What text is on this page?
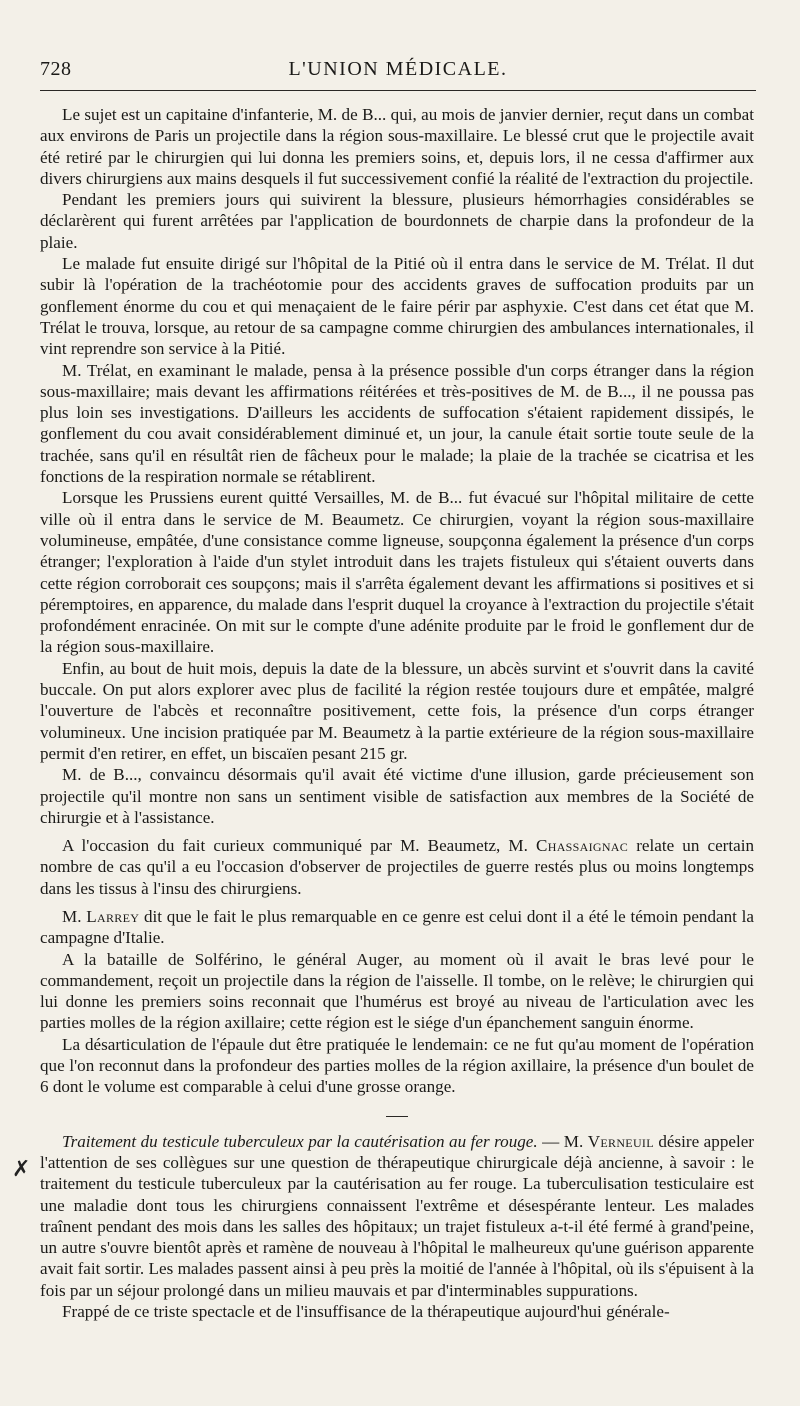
728	L'UNION MÉDICALE.
✗

Le sujet est un capitaine d'infanterie, M. de B... qui, au mois de janvier dernier, reçut dans un combat aux environs de Paris un projectile dans la région sous-maxillaire. Le blessé crut que le projectile avait été retiré par le chirurgien qui lui donna les premiers soins, et, depuis lors, il ne cessa d'affirmer aux divers chirurgiens aux mains desquels il fut successivement confié la réalité de l'extraction du projectile.

Pendant les premiers jours qui suivirent la blessure, plusieurs hémorrhagies considérables se déclarèrent qui furent arrêtées par l'application de bourdonnets de charpie dans la profondeur de la plaie.

Le malade fut ensuite dirigé sur l'hôpital de la Pitié où il entra dans le service de M. Trélat. Il dut subir là l'opération de la trachéotomie pour des accidents graves de suffocation produits par un gonflement énorme du cou et qui menaçaient de le faire périr par asphyxie. C'est dans cet état que M. Trélat le trouva, lorsque, au retour de sa campagne comme chirurgien des ambulances internationales, il vint reprendre son service à la Pitié.

M. Trélat, en examinant le malade, pensa à la présence possible d'un corps étranger dans la région sous-maxillaire; mais devant les affirmations réitérées et très-positives de M. de B..., il ne poussa pas plus loin ses investigations. D'ailleurs les accidents de suffocation s'étaient rapidement dissipés, le gonflement du cou avait considérablement diminué et, un jour, la canule était sortie toute seule de la trachée, sans qu'il en résultât rien de fâcheux pour le malade; la plaie de la trachée se cicatrisa et les fonctions de la respiration normale se rétablirent.

Lorsque les Prussiens eurent quitté Versailles, M. de B... fut évacué sur l'hôpital militaire de cette ville où il entra dans le service de M. Beaumetz. Ce chirurgien, voyant la région sous-maxillaire volumineuse, empâtée, d'une consistance comme ligneuse, soupçonna également la présence d'un corps étranger; l'exploration à l'aide d'un stylet introduit dans les trajets fistuleux qui s'étaient ouverts dans cette région corroborait ces soupçons; mais il s'arrêta également devant les affirmations si positives et si péremptoires, en apparence, du malade dans l'esprit duquel la croyance à l'extraction du projectile s'était profondément enracinée. On mit sur le compte d'une adénite produite par le froid le gonflement dur de la région sous-maxillaire.

Enfin, au bout de huit mois, depuis la date de la blessure, un abcès survint et s'ouvrit dans la cavité buccale. On put alors explorer avec plus de facilité la région restée toujours dure et empâtée, malgré l'ouverture de l'abcès et reconnaître positivement, cette fois, la présence d'un corps étranger volumineux. Une incision pratiquée par M. Beaumetz à la partie extérieure de la région sous-maxillaire permit d'en retirer, en effet, un biscaïen pesant 215 gr.

M. de B..., convaincu désormais qu'il avait été victime d'une illusion, garde précieusement son projectile qu'il montre non sans un sentiment visible de satisfaction aux membres de la Société de chirurgie et à l'assistance.

A l'occasion du fait curieux communiqué par M. Beaumetz, M. Chassaignac relate un certain nombre de cas qu'il a eu l'occasion d'observer de projectiles de guerre restés plus ou moins longtemps dans les tissus à l'insu des chirurgiens.

M. Larrey dit que le fait le plus remarquable en ce genre est celui dont il a été le témoin pendant la campagne d'Italie.

A la bataille de Solférino, le général Auger, au moment où il avait le bras levé pour le commandement, reçoit un projectile dans la région de l'aisselle. Il tombe, on le relève; le chirurgien qui lui donne les premiers soins reconnait que l'humérus est broyé au niveau de l'articulation avec les parties molles de la région axillaire; cette région est le siége d'un épanchement sanguin énorme.

La désarticulation de l'épaule dut être pratiquée le lendemain: ce ne fut qu'au moment de l'opération que l'on reconnut dans la profondeur des parties molles de la région axillaire, la présence d'un boulet de 6 dont le volume est comparable à celui d'une grosse orange.

Traitement du testicule tuberculeux par la cautérisation au fer rouge. — M. Verneuil désire appeler l'attention de ses collègues sur une question de thérapeutique chirurgicale déjà ancienne, à savoir : le traitement du testicule tuberculeux par la cautérisation au fer rouge. La tuberculisation testiculaire est une maladie dont tous les chirurgiens connaissent l'extrême et désespérante lenteur. Les malades traînent pendant des mois dans les salles des hôpitaux; un trajet fistuleux a-t-il été fermé à grand'peine, un autre s'ouvre bientôt après et ramène de nouveau à l'hôpital le malheureux qu'une guérison apparente avait fait sortir. Les malades passent ainsi à peu près la moitié de l'année à l'hôpital, où ils s'épuisent à la fois par un séjour prolongé dans un milieu mauvais et par d'interminables suppurations.

Frappé de ce triste spectacle et de l'insuffisance de la thérapeutique aujourd'hui générale-
